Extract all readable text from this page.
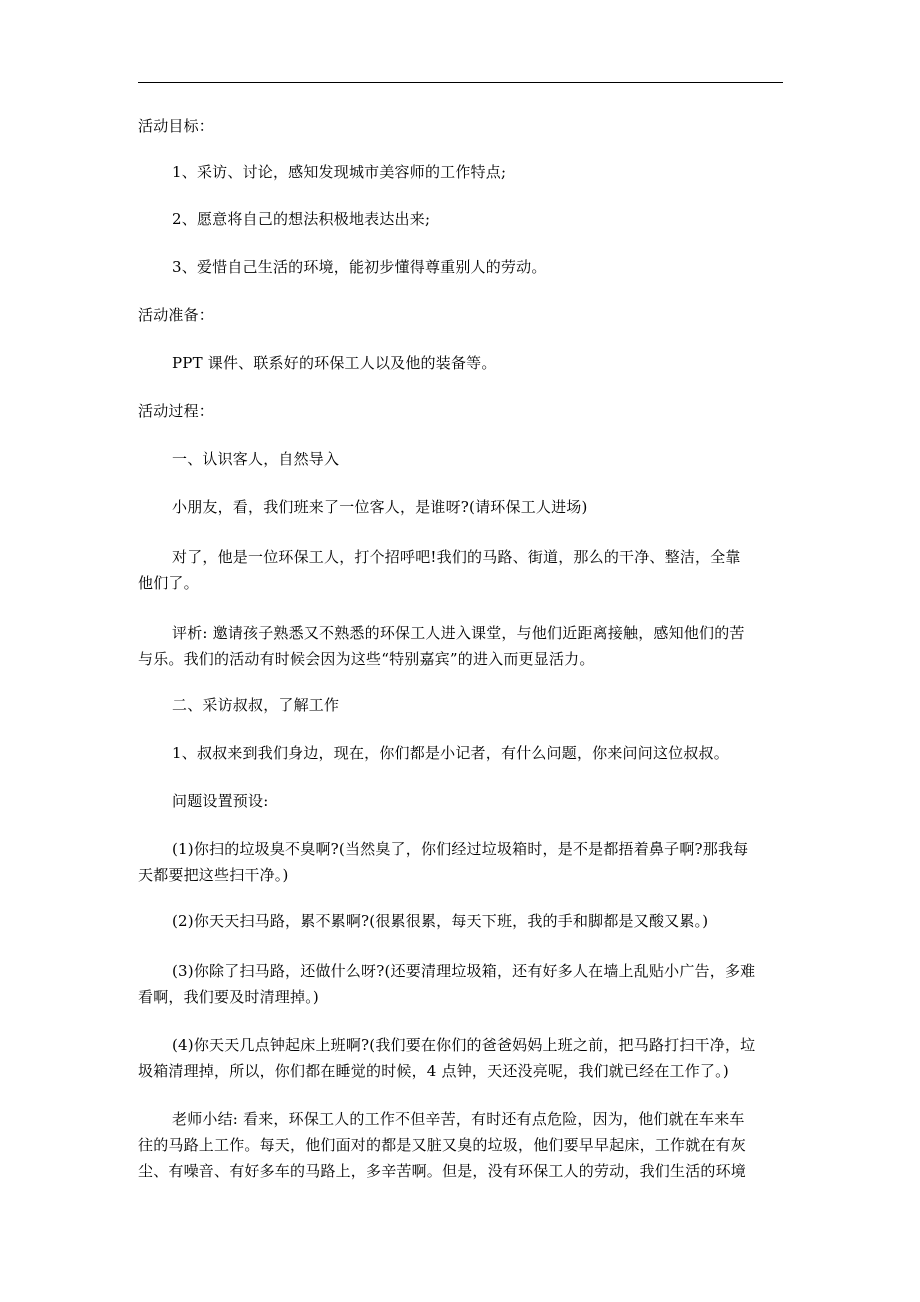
活动目标：

1、采访、讨论，感知发现城市美容师的工作特点;

2、愿意将自己的想法积极地表达出来;

3、爱惜自己生活的环境，能初步懂得尊重别人的劳动。

活动准备：

PPT 课件、联系好的环保工人以及他的装备等。

活动过程：

一、认识客人，自然导入

小朋友，看，我们班来了一位客人，是谁呀?(请环保工人进场)

对了，他是一位环保工人，打个招呼吧!我们的马路、街道，那么的干净、整洁，全靠

他们了。

评析: 邀请孩子熟悉又不熟悉的环保工人进入课堂，与他们近距离接触，感知他们的苦

与乐。我们的活动有时候会因为这些“特别嘉宾”的进入而更显活力。

二、采访叔叔，了解工作

1、叔叔来到我们身边，现在，你们都是小记者，有什么问题，你来问问这位叔叔。

问题设置预设:

(1)你扫的垃圾臭不臭啊?(当然臭了，你们经过垃圾箱时，是不是都捂着鼻子啊?那我每

天都要把这些扫干净。)

(2)你天天扫马路，累不累啊?(很累很累，每天下班，我的手和脚都是又酸又累。)

(3)你除了扫马路，还做什么呀?(还要清理垃圾箱，还有好多人在墙上乱贴小广告，多难

看啊，我们要及时清理掉。)

(4)你天天几点钟起床上班啊?(我们要在你们的爸爸妈妈上班之前，把马路打扫干净，垃

圾箱清理掉，所以，你们都在睡觉的时候，4 点钟，天还没亮呢，我们就已经在工作了。)

老师小结: 看来，环保工人的工作不但辛苦，有时还有点危险，因为，他们就在车来车

往的马路上工作。每天，他们面对的都是又脏又臭的垃圾，他们要早早起床，工作就在有灰

尘、有噪音、有好多车的马路上，多辛苦啊。但是，没有环保工人的劳动，我们生活的环境
